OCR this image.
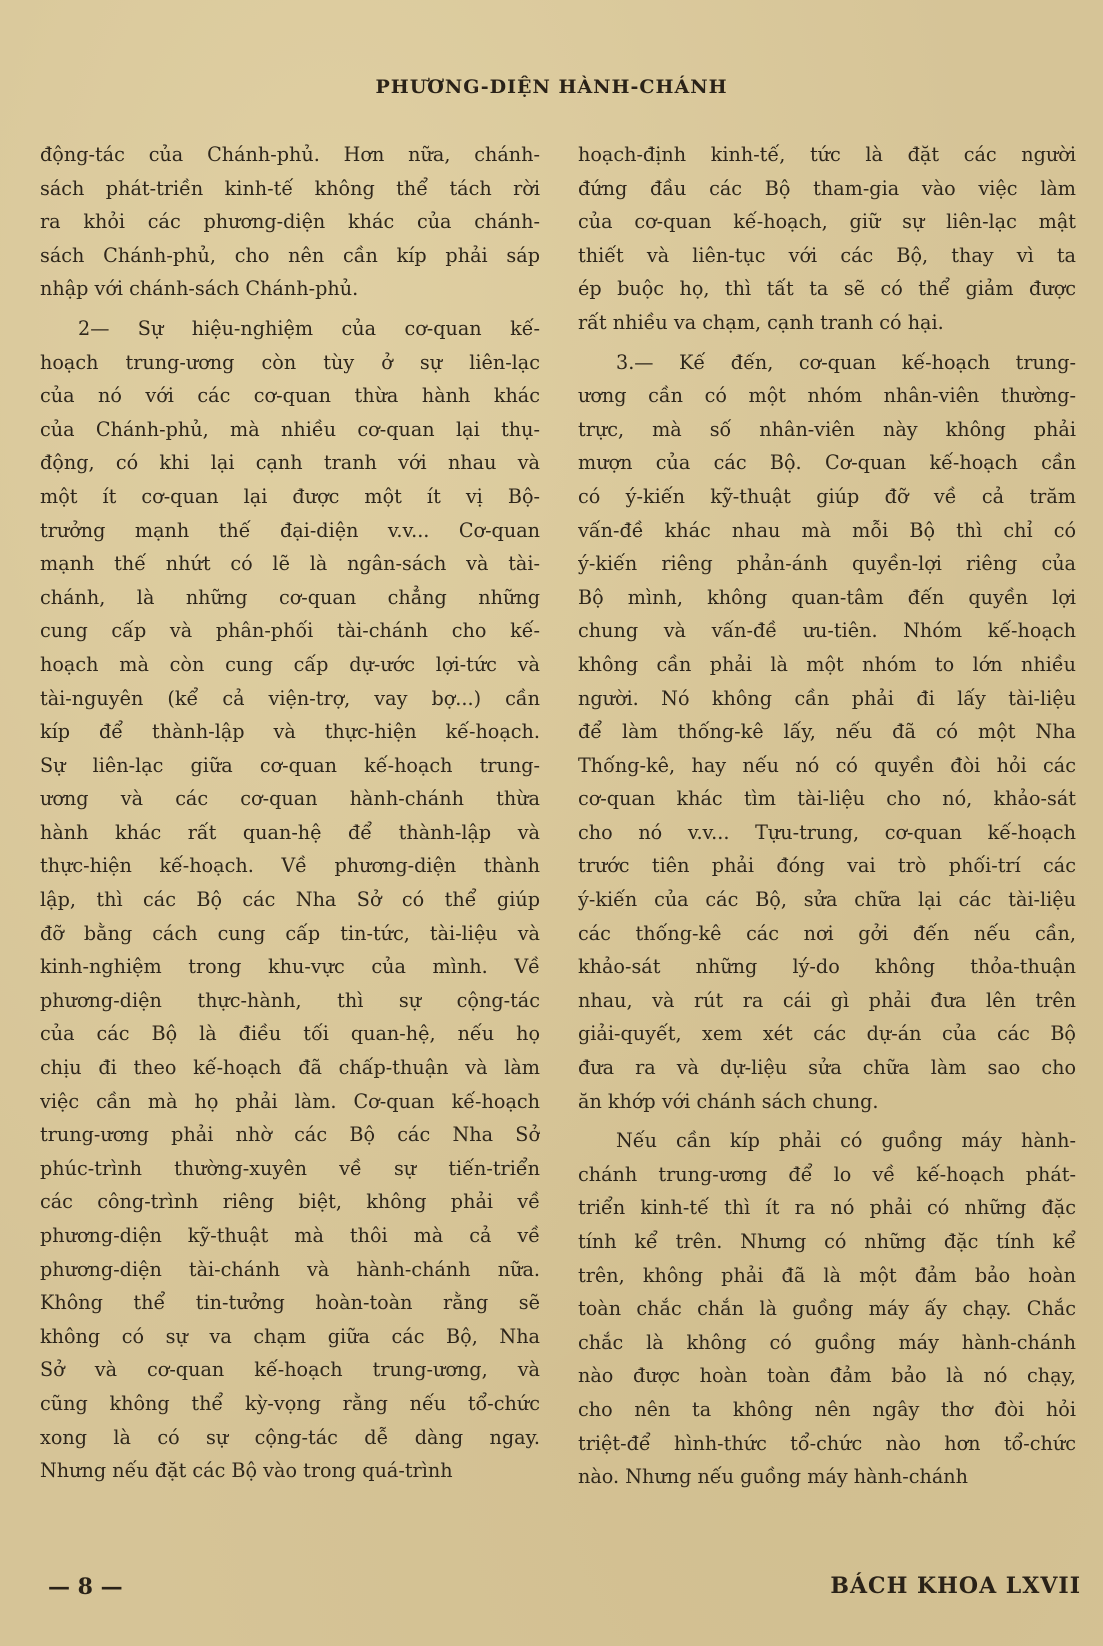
PHƯƠNG-DIỆN HÀNH-CHÁNH
động-tác của Chánh-phủ. Hơn nữa, chánh-
sách phát-triền kinh-tế không thể tách rời
ra khỏi các phương-diện khác của chánh-
sách Chánh-phủ, cho nên cần kíp phải sáp
nhập với chánh-sách Chánh-phủ.
2— Sự hiệu-nghiệm của cơ-quan kế-
hoạch trung-ương còn tùy ở sự liên-lạc
của nó với các cơ-quan thừa hành khác
của Chánh-phủ, mà nhiều cơ-quan lại thụ-
động, có khi lại cạnh tranh với nhau và
một ít cơ-quan lại được một ít vị Bộ-
trưởng mạnh thế đại-diện v.v... Cơ-quan
mạnh thế nhứt có lẽ là ngân-sách và tài-
chánh, là những cơ-quan chẳng những
cung cấp và phân-phối tài-chánh cho kế-
hoạch mà còn cung cấp dự-ước lợi-tức và
tài-nguyên (kể cả viện-trợ, vay bợ...) cần
kíp để thành-lập và thực-hiện kế-hoạch.
Sự liên-lạc giữa cơ-quan kế-hoạch trung-
ương và các cơ-quan hành-chánh thừa
hành khác rất quan-hệ để thành-lập và
thực-hiện kế-hoạch. Về phương-diện thành
lập, thì các Bộ các Nha Sở có thể giúp
đỡ bằng cách cung cấp tin-tức, tài-liệu và
kinh-nghiệm trong khu-vực của mình. Về
phương-diện thực-hành, thì sự cộng-tác
của các Bộ là điều tối quan-hệ, nếu họ
chịu đi theo kế-hoạch đã chấp-thuận và làm
việc cần mà họ phải làm. Cơ-quan kế-hoạch
trung-ương phải nhờ các Bộ các Nha Sở
phúc-trình thường-xuyên về sự tiến-triển
các công-trình riêng biệt, không phải về
phương-diện kỹ-thuật mà thôi mà cả về
phương-diện tài-chánh và hành-chánh nữa.
Không thể tin-tưởng hoàn-toàn rằng sẽ
không có sự va chạm giữa các Bộ, Nha
Sở và cơ-quan kế-hoạch trung-ương, và
cũng không thể kỳ-vọng rằng nếu tổ-chức
xong là có sự cộng-tác dễ dàng ngay.
Nhưng nếu đặt các Bộ vào trong quá-trình
hoạch-định kinh-tế, tức là đặt các người
đứng đầu các Bộ tham-gia vào việc làm
của cơ-quan kế-hoạch, giữ sự liên-lạc mật
thiết và liên-tục với các Bộ, thay vì ta
ép buộc họ, thì tất ta sẽ có thể giảm được
rất nhiều va chạm, cạnh tranh có hại.
3.— Kế đến, cơ-quan kế-hoạch trung-
ương cần có một nhóm nhân-viên thường-
trực, mà số nhân-viên này không phải
mượn của các Bộ. Cơ-quan kế-hoạch cần
có ý-kiến kỹ-thuật giúp đỡ về cả trăm
vấn-đề khác nhau mà mỗi Bộ thì chỉ có
ý-kiến riêng phản-ánh quyền-lợi riêng của
Bộ mình, không quan-tâm đến quyền lợi
chung và vấn-đề ưu-tiên. Nhóm kế-hoạch
không cần phải là một nhóm to lớn nhiều
người. Nó không cần phải đi lấy tài-liệu
để làm thống-kê lấy, nếu đã có một Nha
Thống-kê, hay nếu nó có quyền đòi hỏi các
cơ-quan khác tìm tài-liệu cho nó, khảo-sát
cho nó v.v... Tựu-trung, cơ-quan kế-hoạch
trước tiên phải đóng vai trò phối-trí các
ý-kiến của các Bộ, sửa chữa lại các tài-liệu
các thống-kê các nơi gởi đến nếu cần,
khảo-sát những lý-do không thỏa-thuận
nhau, và rút ra cái gì phải đưa lên trên
giải-quyết, xem xét các dự-án của các Bộ
đưa ra và dự-liệu sửa chữa làm sao cho
ăn khớp với chánh sách chung.
Nếu cần kíp phải có guồng máy hành-
chánh trung-ương để lo về kế-hoạch phát-
triển kinh-tế thì ít ra nó phải có những đặc
tính kể trên. Nhưng có những đặc tính kể
trên, không phải đã là một đảm bảo hoàn
toàn chắc chắn là guồng máy ấy chạy. Chắc
chắc là không có guồng máy hành-chánh
nào được hoàn toàn đảm bảo là nó chạy,
cho nên ta không nên ngây thơ đòi hỏi
triệt-để hình-thức tổ-chức nào hơn tổ-chức
nào. Nhưng nếu guồng máy hành-chánh
— 8 —	BÁCH KHOA LXVII
